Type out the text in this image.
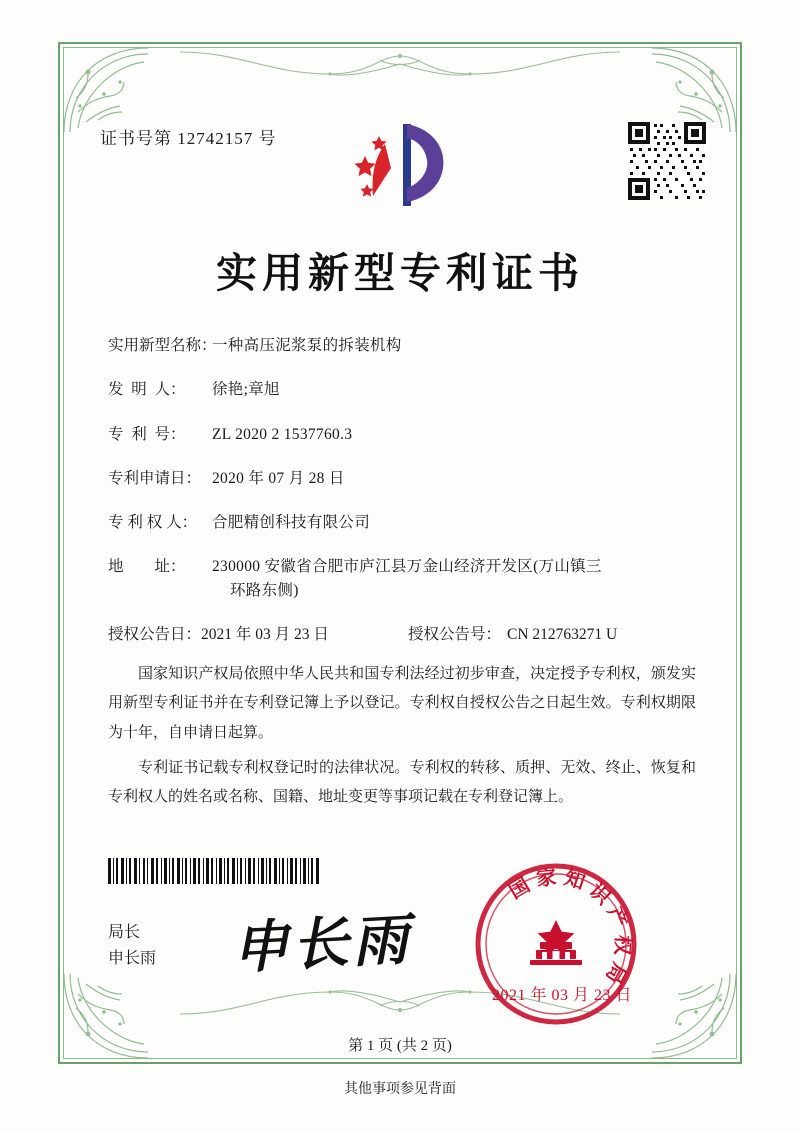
证书号第 12742157 号
实用新型专利证书
实用新型名称：
一种高压泥浆泵的拆装机构
发  明  人：	徐艳;章旭
专  利  号：	ZL 2020 2 1537760.3
专利申请日： 2020 年 07 月 28 日
专 利 权 人： 合肥精创科技有限公司
地        址：	230000 安徽省合肥市庐江县万金山经济开发区(万山镇三
环路东侧)
授权公告日： 2021 年 03 月 23 日	授权公告号： CN 212763271 U

国家知识产权局依照中华人民共和国专利法经过初步审查，决定授予专利权，颁发实用新型专利证书并在专利登记簿上予以登记。专利权自授权公告之日起生效。专利权期限为十年，自申请日起算。

专利证书记载专利权登记时的法律状况。专利权的转移、质押、无效、终止、恢复和专利权人的姓名或名称、国籍、地址变更等事项记载在专利登记簿上。

局长
申长雨 申长雨
国家知识产权局
2021 年 03 月 23 日
第 1 页 (共 2 页)
其他事项参见背面
